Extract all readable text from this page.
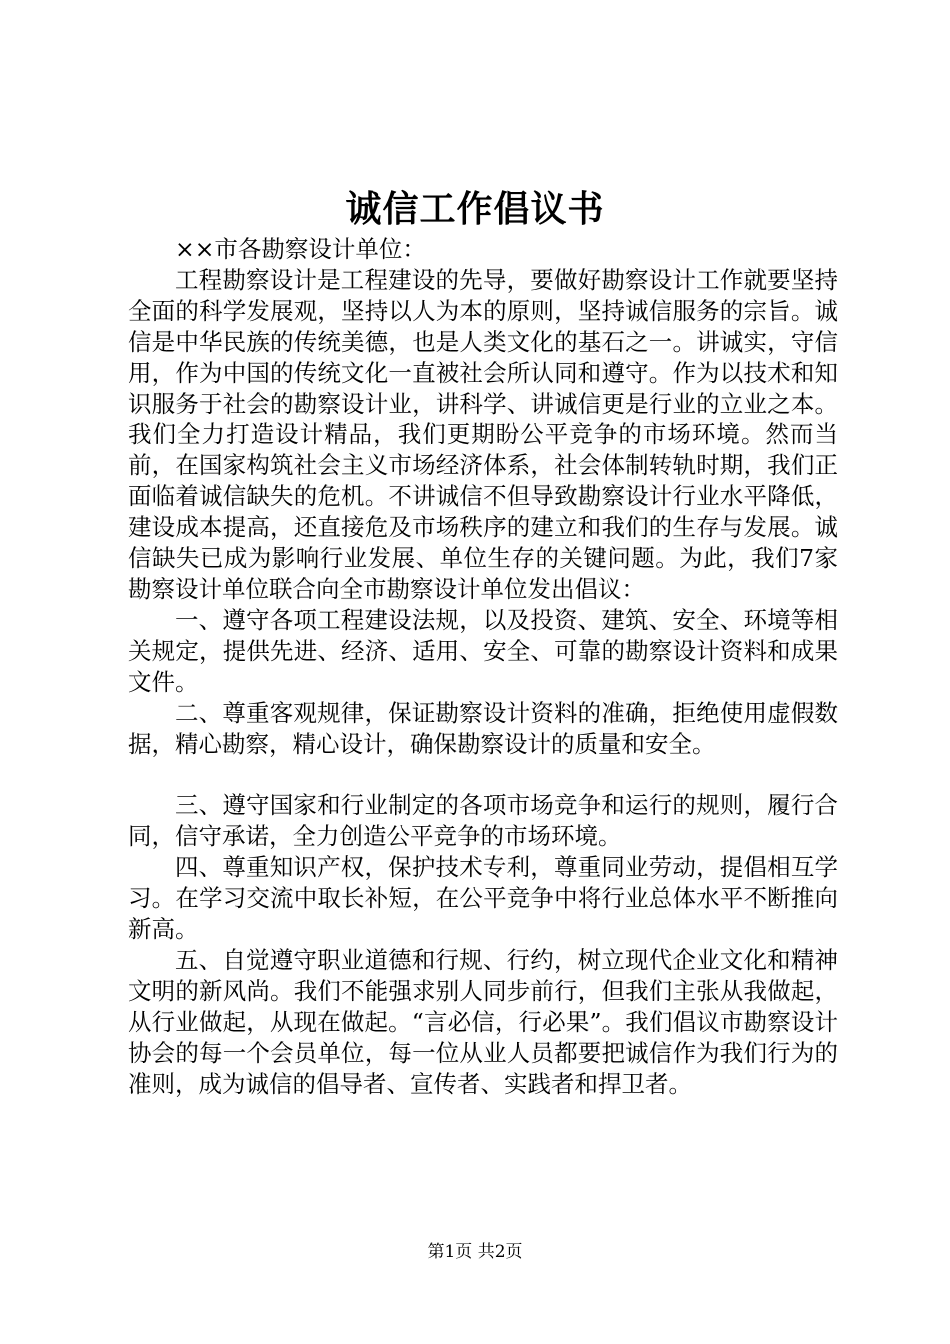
诚信工作倡议书

××市各勘察设计单位：

工程勘察设计是工程建设的先导，要做好勘察设计工作就要坚持全面的科学发展观，坚持以人为本的原则，坚持诚信服务的宗旨。诚信是中华民族的传统美德，也是人类文化的基石之一。讲诚实，守信用，作为中国的传统文化一直被社会所认同和遵守。作为以技术和知识服务于社会的勘察设计业，讲科学、讲诚信更是行业的立业之本。我们全力打造设计精品，我们更期盼公平竞争的市场环境。然而当前，在国家构筑社会主义市场经济体系，社会体制转轨时期，我们正面临着诚信缺失的危机。不讲诚信不但导致勘察设计行业水平降低，建设成本提高，还直接危及市场秩序的建立和我们的生存与发展。诚信缺失已成为影响行业发展、单位生存的关键问题。为此，我们7家勘察设计单位联合向全市勘察设计单位发出倡议：

一、遵守各项工程建设法规，以及投资、建筑、安全、环境等相关规定，提供先进、经济、适用、安全、可靠的勘察设计资料和成果文件。

二、尊重客观规律，保证勘察设计资料的准确，拒绝使用虚假数据，精心勘察，精心设计，确保勘察设计的质量和安全。

三、遵守国家和行业制定的各项市场竞争和运行的规则，履行合同，信守承诺，全力创造公平竞争的市场环境。

四、尊重知识产权，保护技术专利，尊重同业劳动，提倡相互学习。在学习交流中取长补短，在公平竞争中将行业总体水平不断推向新高。

五、自觉遵守职业道德和行规、行约，树立现代企业文化和精神文明的新风尚。我们不能强求别人同步前行，但我们主张从我做起，从行业做起，从现在做起。“言必信，行必果”。我们倡议市勘察设计协会的每一个会员单位，每一位从业人员都要把诚信作为我们行为的准则，成为诚信的倡导者、宣传者、实践者和捍卫者。

第1页 共2页
